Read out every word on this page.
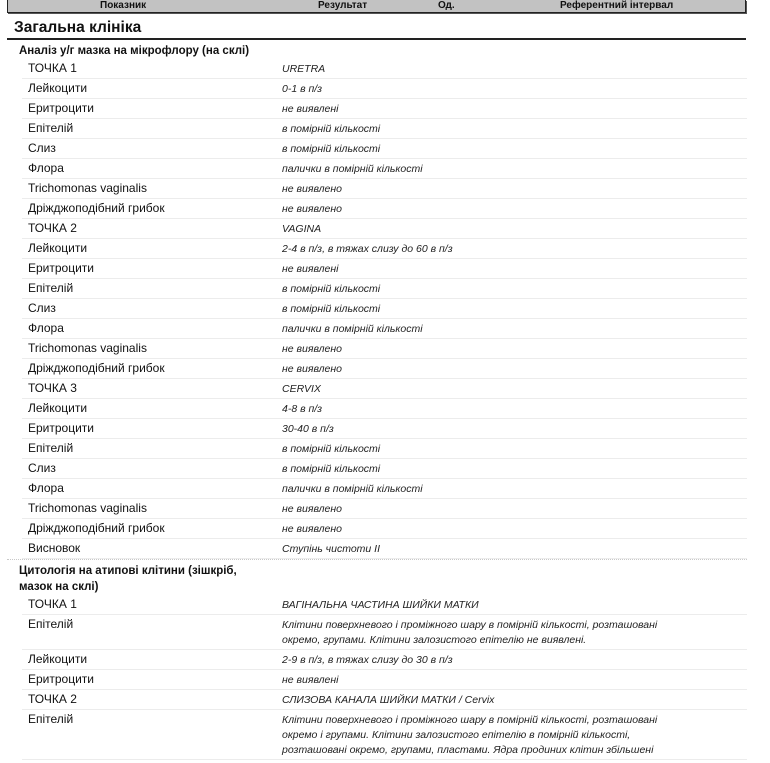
Показник	Результат	Од.	Референтний інтервал
Загальна клініка
Аналіз у/г мазка на мікрофлору (на склі)
ТОЧКА 1	URETRA
Лейкоцити	0-1 в п/з
Еритроцити	не виявлені
Епітелій	в помірній кількості
Слиз	в помірній кількості
Флора	палички в помірній кількості
Trichomonas vaginalis	не виявлено
Дріжджоподібний грибок	не виявлено
ТОЧКА 2	VAGINA
Лейкоцити	2-4 в п/з, в тяжах слизу до 60 в п/з
Еритроцити	не виявлені
Епітелій	в помірній кількості
Слиз	в помірній кількості
Флора	палички в помірній кількості
Trichomonas vaginalis	не виявлено
Дріжджоподібний грибок	не виявлено
ТОЧКА 3	CERVIX
Лейкоцити	4-8 в п/з
Еритроцити	30-40 в п/з
Епітелій	в помірній кількості
Слиз	в помірній кількості
Флора	палички в помірній кількості
Trichomonas vaginalis	не виявлено
Дріжджоподібний грибок	не виявлено
Висновок	Ступінь чистоти II
Цитологія на атипові клітини (зішкріб,
мазок на склі)
ТОЧКА 1	ВАГІНАЛЬНА ЧАСТИНА ШИЙКИ МАТКИ
Епітелій	Клітини поверхневого і проміжного шару в помірній кількості, розташовані окремо, групами. Клітини залозистого епітелію не виявлені.
Лейкоцити	2-9 в п/з, в тяжах слизу до 30 в п/з
Еритроцити	не виявлені
ТОЧКА 2	СЛИЗОВА КАНАЛА ШИЙКИ МАТКИ / Cervix
Епітелій	Клітини поверхневого і проміжного шару в помірній кількості, розташовані окремо і групами. Клітини залозистого епітелію в помірній кількості, розташовані окремо, групами, пластами. Ядра продиних клітин збільшені
